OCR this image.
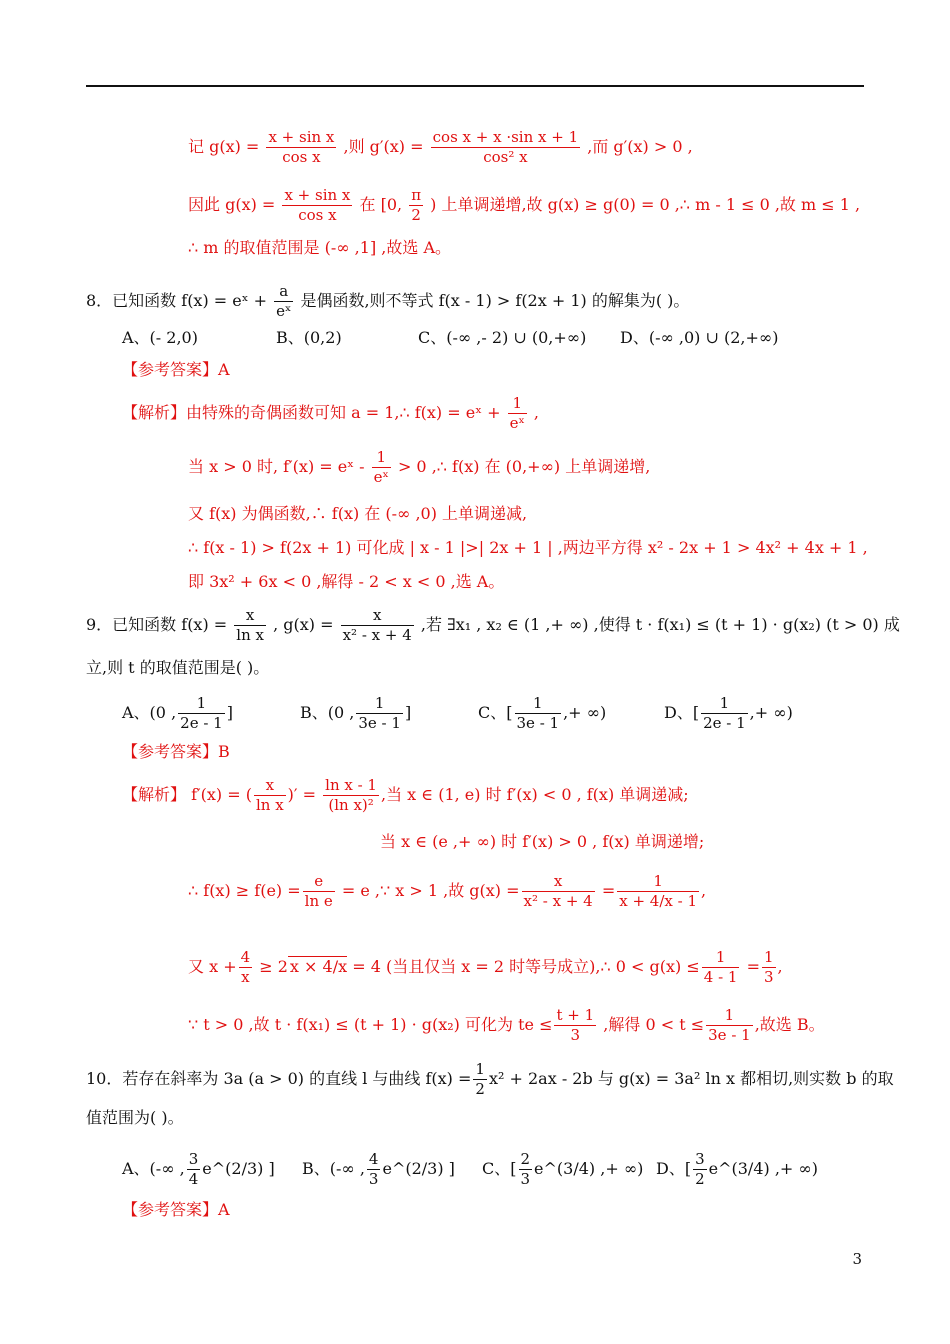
记 $g(x) = \frac{\text{x + sin x}}{\text{cos x}}$ ,则 $g'(x) = \frac{\text{cos x + x ·sin x + 1}}{\text{cos² x}}$ ,而 g′(x) > 0 ,
因此 $g(x) = \frac{\text{x + sin x}}{\text{cos x}}$ 在 [0, $\frac{\pi}{2}$ ) 上单调递增,故 g(x) ≥ g(0) = 0 ,∴ m - 1 ≤ 0 ,故 m ≤ 1 ,
∴ m 的取值范围是 (-∞ ,1] ,故选 A。
8．已知函数 f(x) = eˣ + $\frac{a}{\text{eˣ}}$ 是偶函数,则不等式 f(x - 1) > f(2x + 1) 的解集为( )。
A、(- 2,0)	B、(0,2)	C、(-∞ ,- 2) ∪ (0,+∞) D、(-∞ ,0) ∪ (2,+∞)
【参考答案】A
【解析】由特殊的奇偶函数可知 a = 1,∴ f(x) = eˣ + $\frac{1}{\text{eˣ}}$ ,
当 x > 0 时, f′(x) = eˣ - $\frac{1}{\text{eˣ}} > 0$ ,∴ f(x) 在 (0,+∞) 上单调递增,
又 f(x) 为偶函数,∴ f(x) 在 (-∞ ,0) 上单调递减,
∴ f(x - 1) > f(2x + 1) 可化成 | x - 1 |>| 2x + 1 | ,两边平方得 x² - 2x + 1 > 4x² + 4x + 1 ,
即 3x² + 6x < 0 ,解得 - 2 < x < 0 ,选 A。
9．已知函数 $f(x) = \frac{x}{\text{ln x}}$ , $g(x) = \frac{x}{\text{x² - x + 4}}$ ,若 ∃x₁ , x₂ ∈ (1 ,+ ∞) ,使得 t · f(x₁) ≤ (t + 1) · g(x₂) (t > 0) 成
立,则 t 的取值范围是( )。
A、(0 , $\frac{1}{2e - 1}$ ]	B、(0 , $\frac{1}{3e - 1}$ ]	C、[ $\frac{1}{3e - 1}$ ,+ ∞)	D、[ $\frac{1}{2e - 1}$ ,+ ∞)
【参考答案】B
【解析】 f′(x) = ( $\frac{x}{\text{ln x}}$ )′ = $\frac{\text{ln x - 1}}{\text{(ln x)²}}$ ,当 x ∈ (1, e) 时 f′(x) < 0 , f(x) 单调递减;
当 x ∈ (e ,+ ∞) 时 f′(x) > 0 , f(x) 单调递增;
∴ $f(x) \ge f(e) = \frac{e}{\text{ln e}} = e$ ,∵ x > 1 ,故 $g(x) = \frac{x}{\text{x² - x + 4}} = \frac{1}{x + 4/x - 1}$ ,
又 $x + \frac{4}{x} \ge 2$ x × 4/x = 4 (当且仅当 x = 2 时等号成立),∴ $0 < g(x) \le \frac{1}{4 - 1} = \frac{1}{3}$ ,
∵ t > 0 ,故 t · f(x₁) ≤ (t + 1) · g(x₂) 可化为 te ≤ $\frac{t + 1}{3}$ ,解得 $0 < t \le \frac{1}{3e - 1}$ ,故选 B。
10．若存在斜率为 3a (a > 0) 的直线 l 与曲线 $f(x) = \frac{1}{2} x^2 + 2ax - 2b$ 与 g(x) = 3a² ln x 都相切,则实数 b 的取
值范围为( )。
A、(-∞ , $\frac{3}{4}$ e^(2/3) ] B、(-∞ , $\frac{4}{3}$ e^(2/3) ] C、[ $\frac{2}{3}$ e^(3/4) ,+ ∞) D、[ $\frac{3}{2}$ e^(3/4) ,+ ∞)
【参考答案】A
3
